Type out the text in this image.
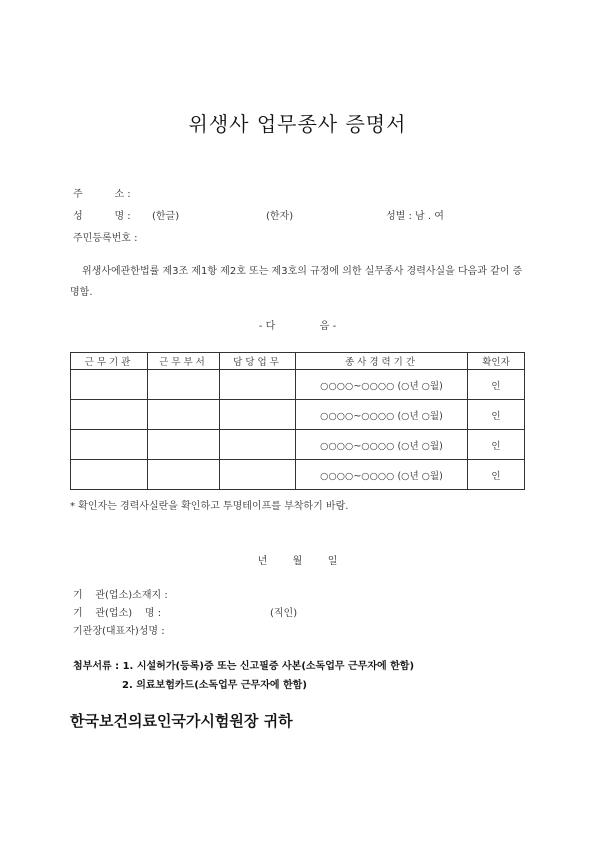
위생사 업무종사 증명서
주          소 :
성          명 : (한글)	(한자)	성별 : 남 . 여
주민등록번호 :
위생사에관한법률 제3조 제1항 제2호 또는 제3호의 규정에 의한 실무종사 경력사실을 다음과 같이 증명함.
- 다              음 -
근무기관	근무부서	담당업무	종사경력기간	확인자
			○○○○~○○○○ (○년 ○월)	인
			○○○○~○○○○ (○년 ○월)	인
			○○○○~○○○○ (○년 ○월)	인
			○○○○~○○○○ (○년 ○월)	인
* 확인자는 경력사실란을 확인하고 투명테이프를 부착하기 바람.
년        월        일
기    관(업소)소재지 :
기    관(업소)    명 :	(직인)
기관장(대표자)성명 :
첨부서류 : 1. 시설허가(등록)증 또는 신고필증 사본(소독업무 근무자에 한함)
2. 의료보험카드(소독업무 근무자에 한함)
한국보건의료인국가시험원장 귀하
